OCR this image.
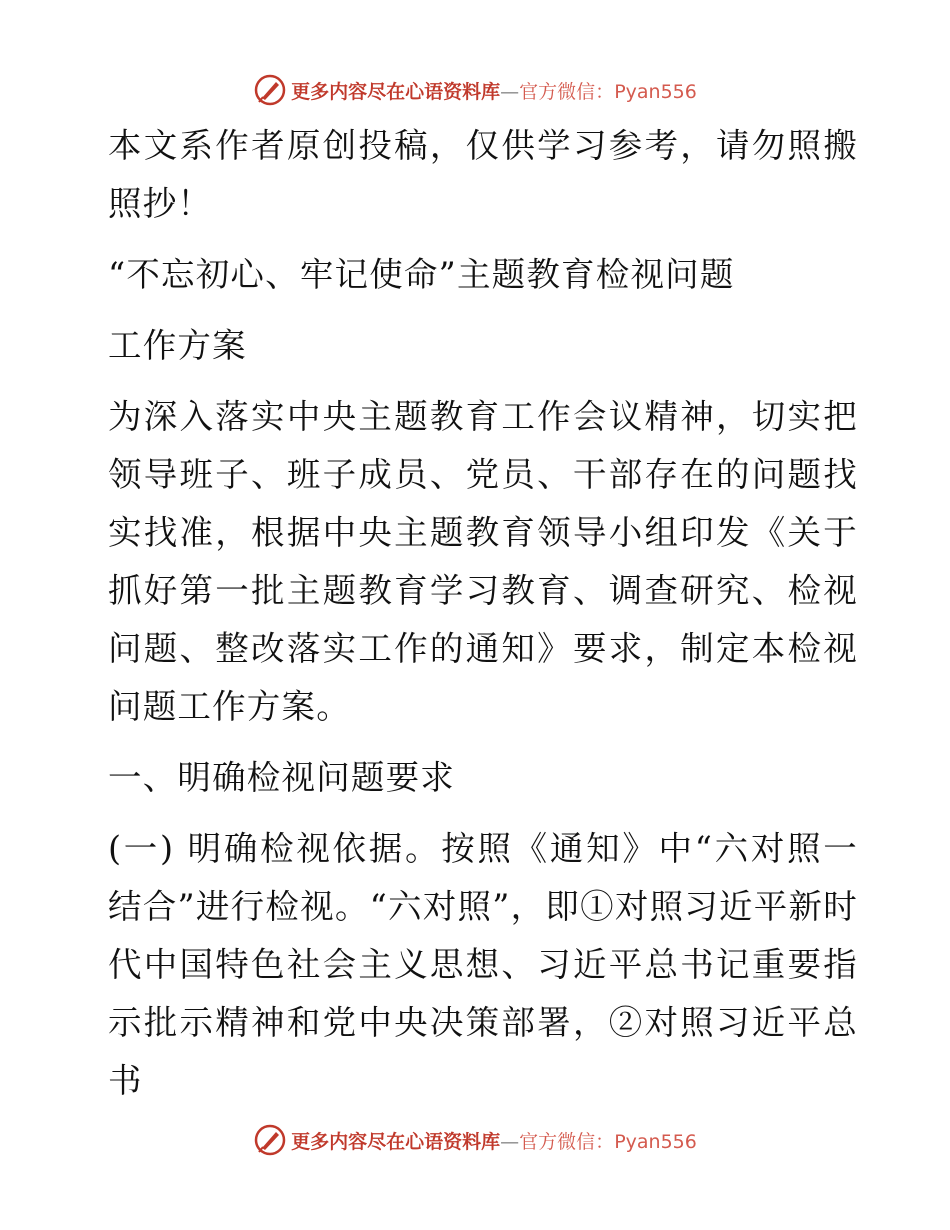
更多内容尽在心语资料库—官方微信：Pyan556

本文系作者原创投稿，仅供学习参考，请勿照搬照抄！

“不忘初心、牢记使命”主题教育检视问题

工作方案

为深入落实中央主题教育工作会议精神，切实把领导班子、班子成员、党员、干部存在的问题找实找准，根据中央主题教育领导小组印发《关于抓好第一批主题教育学习教育、调查研究、检视问题、整改落实工作的通知》要求，制定本检视问题工作方案。

一、明确检视问题要求

(一) 明确检视依据。按照《通知》中“六对照一结合”进行检视。“六对照”，即①对照习近平新时代中国特色社会主义思想、习近平总书记重要指示批示精神和党中央决策部署，②对照习近平总书

更多内容尽在心语资料库—官方微信：Pyan556
